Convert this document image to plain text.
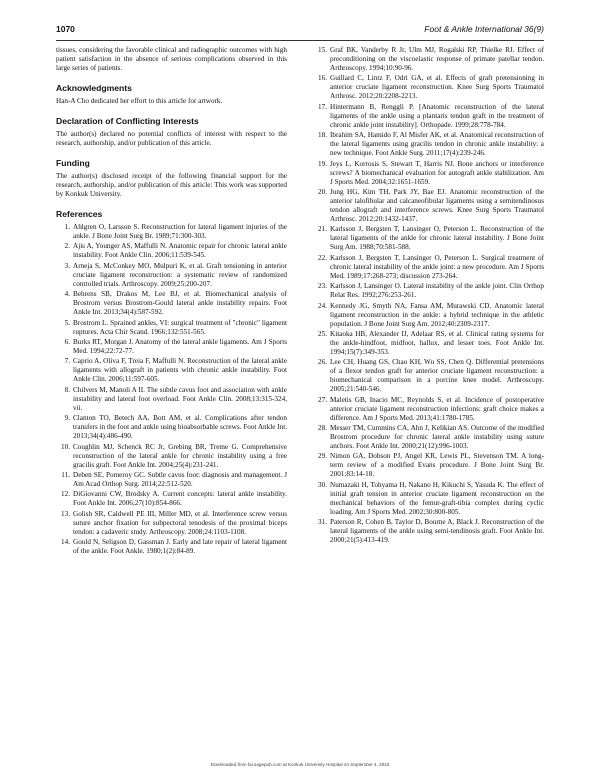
1070	Foot & Ankle International 36(9)

tissues, considering the favorable clinical and radiographic outcomes with high patient satisfaction in the absence of serious complications observed in this large series of patients.

Acknowledgments

Han-A Cho dedicated her effort to this article for artwork.

Declaration of Conflicting Interests

The author(s) declared no potential conflicts of interest with respect to the research, authorship, and/or publication of this article.

Funding

The author(s) disclosed receipt of the following financial support for the research, authorship, and/or publication of this article: This work was supported by Konkuk University.

References
1. Ahlgren O, Larsson S. Reconstruction for lateral ligament injuries of the ankle. J Bone Joint Surg Br. 1989;71:300-303.
2. Ajis A, Younger AS, Maffulli N. Anatomic repair for chronic lateral ankle instability. Foot Ankle Clin. 2006;11:539-545.
3. Arneja S, McConkey MO, Mulpuri K, et al. Graft tensioning in anterior cruciate ligament reconstruction: a systematic review of randomized controlled trials. Arthroscopy. 2009;25:200-207.
4. Behrens SB, Drakos M, Lee BJ, et al. Biomechanical analysis of Brostrom versus Brostrom-Gould lateral ankle instability repairs. Foot Ankle Int. 2013;34(4):587-592.
5. Brostrom L. Sprained ankles, VI: surgical treatment of "chronic" ligament ruptures. Acta Chir Scand. 1966;132:551-565.
6. Burks RT, Morgan J. Anatomy of the lateral ankle ligaments. Am J Sports Med. 1994;22:72-77.
7. Caprio A, Oliva F, Treia F, Maffulli N. Reconstruction of the lateral ankle ligaments with allograft in patients with chronic ankle instability. Foot Ankle Clin. 2006;11:597-605.
8. Chilvers M, Manoli A II. The subtle cavus foot and association with ankle instability and lateral foot overload. Foot Ankle Clin. 2008;13:315-324, vii.
9. Clanton TO, Betech AA, Bott AM, et al. Complications after tendon transfers in the foot and ankle using bioabsorbable screws. Foot Ankle Int. 2013;34(4):486-490.
10. Coughlin MJ, Schenck RC Jr, Grebing BR, Treme G. Comprehensive reconstruction of the lateral ankle for chronic instability using a free gracilis graft. Foot Ankle Int. 2004;25(4):231-241.
11. Deben SE, Pomeroy GC. Subtle cavus foot: diagnosis and management. J Am Acad Orthop Surg. 2014;22:512-520.
12. DiGiovanni CW, Brodsky A. Current concepts: lateral ankle instability. Foot Ankle Int. 2006;27(10):854-866.
13. Golish SR, Caldwell PE III, Miller MD, et al. Interference screw versus suture anchor fixation for subpectoral tenodesis of the proximal biceps tendon: a cadaveric study. Arthroscopy. 2008;24:1103-1108.
14. Gould N, Seligson D, Gassman J. Early and late repair of lateral ligament of the ankle. Foot Ankle. 1980;1(2):84-89.
15. Graf BK, Vanderby R Jr, Ulm MJ, Rogalski RP, Thielke RJ. Effect of preconditioning on the viscoelastic response of primate patellar tendon. Arthroscopy. 1994;10:90-96.
16. Guillard C, Lintz F, Odri GA, et al. Effects of graft pretensioning in anterior cruciate ligament reconstruction. Knee Surg Sports Traumatol Arthrosc. 2012;20:2208-2213.
17. Hintermann B, Renggli P. [Anatomic reconstruction of the lateral ligaments of the ankle using a plantaris tendon graft in the treatment of chronic ankle joint instability]. Orthopade. 1999;28:778-784.
18. Ibrahim SA, Hamido F, Al Misfer AK, et al. Anatomical reconstruction of the lateral ligaments using gracilis tendon in chronic ankle instability: a new technique. Foot Ankle Surg. 2011;17(4):239-246.
19. Jeys L, Korrosis S, Stewart T, Harris NJ. Bone anchors or interference screws? A biomechanical evaluation for autograft ankle stabilization. Am J Sports Med. 2004;32:1651-1659.
20. Jung HG, Kim TH, Park JY, Bae EJ. Anatomic reconstruction of the anterior talofibular and calcaneofibular ligaments using a semitendinosus tendon allograft and interference screws. Knee Surg Sports Traumatol Arthrosc. 2012;20:1432-1437.
21. Karlsson J, Bergsten T, Lansinger O, Peterson L. Reconstruction of the lateral ligaments of the ankle for chronic lateral instability. J Bone Joint Surg Am. 1988;70:581-588.
22. Karlsson J, Bergsten T, Lansinger O, Peterson L. Surgical treatment of chronic lateral instability of the ankle joint: a new procedure. Am J Sports Med. 1989;17:268-273; discussion 273-264.
23. Karlsson J, Lansinger O. Lateral instability of the ankle joint. Clin Orthop Relat Res. 1992;276:253-261.
24. Kennedy JG, Smyth NA, Fansa AM, Murawski CD. Anatomic lateral ligament reconstruction in the ankle: a hybrid technique in the athletic population. J Bone Joint Surg Am. 2012;40:2309-2317.
25. Kitaoka HB, Alexander IJ, Adelaar RS, et al. Clinical rating systems for the ankle-hindfoot, midfoot, hallux, and lesser toes. Foot Ankle Int. 1994;15(7):349-353.
26. Lee CH, Huang GS, Chao KH, Wu SS, Chen Q. Differential pretensions of a flexor tendon graft for anterior cruciate ligament reconstruction: a biomechanical comparison in a porcine knee model. Arthroscopy. 2005;21:540-546.
27. Maletis GB, Inacio MC, Reynolds S, et al. Incidence of postoperative anterior cruciate ligament reconstruction infections: graft choice makes a difference. Am J Sports Med. 2013;41:1780-1785.
28. Messer TM, Cummins CA, Ahn J, Kelikian AS. Outcome of the modified Brostrom procedure for chronic lateral ankle instability using suture anchors. Foot Ankle Int. 2000;21(12):996-1003.
29. Nimon GA, Dobson PJ, Angel KR, Lewis PL, Stevenson TM. A long-term review of a modified Evans procedure. J Bone Joint Surg Br. 2001;83:14-18.
30. Numazaki H, Tohyama H, Nakano H, Kikuchi S, Yasuda K. The effect of initial graft tension in anterior cruciate ligament reconstruction on the mechanical behaviors of the femur-graft-tibia complex during cyclic loading. Am J Sports Med. 2002;30:800-805.
31. Paterson R, Cohen B, Taylor D, Bourne A, Black J. Reconstruction of the lateral ligaments of the ankle using semi-tendinosis graft. Foot Ankle Int. 2000;21(5):413-419.
Downloaded from fai.sagepub.com at Konkuk University Hospital on September 4, 2015
